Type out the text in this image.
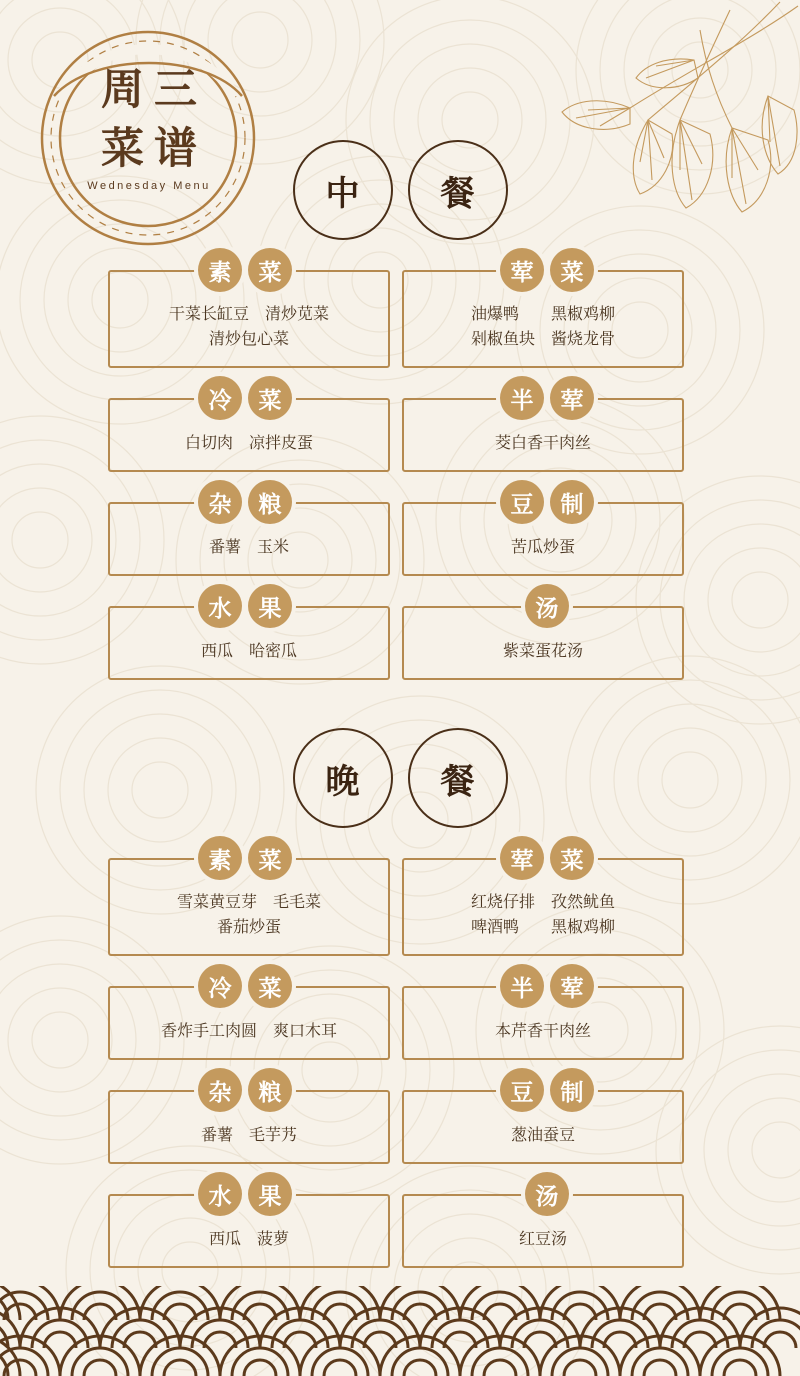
周三
菜谱
Wednesday Menu	中	餐
素	菜
干菜长缸豆　清炒苋菜
清炒包心菜
荤	菜
油爆鸭　　黑椒鸡柳
剁椒鱼块　酱烧龙骨
冷	菜
白切肉　凉拌皮蛋
半	荤
茭白香干肉丝
杂	粮
番薯　玉米
豆	制
苦瓜炒蛋
水	果
西瓜　哈密瓜
汤
紫菜蛋花汤
晚	餐
素	菜
雪菜黄豆芽　毛毛菜
番茄炒蛋
荤	菜
红烧仔排　孜然鱿鱼
啤酒鸭　　黑椒鸡柳
冷	菜
香炸手工肉圆　爽口木耳
半	荤
本芹香干肉丝
杂	粮
番薯　毛芋艿
豆	制
葱油蚕豆
水	果
西瓜　菠萝
汤
红豆汤
